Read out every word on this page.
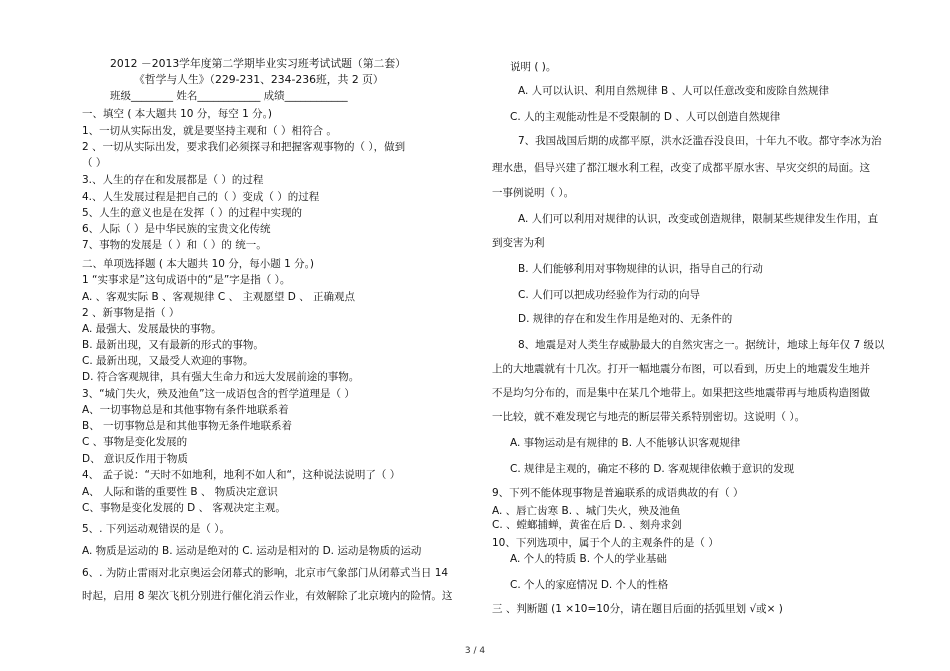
2012 －2013学年度第二学期毕业实习班考试试题（第二套）
《哲学与人生》（229-231、234-236班，共 2 页）
班级________ 姓名____________ 成绩____________
一、填空 ( 本大题共 10 分，每空 1 分。)
1、一切从实际出发，就是要坚持主观和（ ）相符合 。
2 、一切从实际出发，要求我们必须探寻和把握客观事物的（ ），做到
（ ）
3.、人生的存在和发展都是（ ）的过程
4.、人生发展过程是把自己的（ ）变成（ ）的过程
5、人生的意义也是在发挥（ ）的过程中实现的
6、人际（ ）是中华民族的宝贵文化传统
7、事物的发展是（ ）和（ ）的 统一。
二、单项选择题 ( 本大题共 10 分，每小题 1 分。)
1 “实事求是”这句成语中的“是”字是指（ ）。
A. 、客观实际 B 、客观规律 C 、 主观愿望 D 、 正确观点
2 、新事物是指（ ）
A. 最强大、发展最快的事物。
B. 最新出现，又有最新的形式的事物。
C. 最新出现，又最受人欢迎的事物。
D. 符合客观规律，具有强大生命力和远大发展前途的事物。
3、“城门失火，殃及池鱼”这一成语包含的哲学道理是（ ）
A、一切事物总是和其他事物有条件地联系着
B、 一切事物总是和其他事物无条件地联系着
C 、事物是变化发展的
D、 意识反作用于物质
4、 孟子说：“天时不如地利，地利不如人和“，这种说法说明了（ ）
A、 人际和谐的重要性 B 、 物质决定意识
C、事物是变化发展的 D 、 客观决定主观。
5、. 下列运动观错误的是（ ）。
A. 物质是运动的 B. 运动是绝对的 C. 运动是相对的 D. 运动是物质的运动
6、. 为防止雷雨对北京奥运会闭幕式的影响，北京市气象部门从闭幕式当日 14
时起，启用 8 架次飞机分别进行催化消云作业，有效解除了北京境内的险情。这
说明 ( )。
A. 人可以认识、利用自然规律 B 、人可以任意改变和废除自然规律
C. 人的主观能动性是不受限制的 D 、人可以创造自然规律
7、我国战国后期的成都平原，洪水泛滥吞没良田，十年九不收。都守李冰为治
理水患，倡导兴建了都江堰水利工程，改变了成都平原水害、旱灾交织的局面。这
一事例说明（ ）。
A. 人们可以利用对规律的认识，改变或创造规律，限制某些规律发生作用，直
到变害为利
B. 人们能够利用对事物规律的认识，指导自己的行动
C. 人们可以把成功经验作为行动的向导
D. 规律的存在和发生作用是绝对的、无条件的
8、地震是对人类生存威胁最大的自然灾害之一。据统计，地球上每年仅 7 级以
上的大地震就有十几次。打开一幅地震分布图，可以看到，历史上的地震发生地并
不是均匀分布的，而是集中在某几个地带上。如果把这些地震带再与地质构造图做
一比较，就不难发现它与地壳的断层带关系特别密切。这说明（ ）。
A. 事物运动是有规律的 B. 人不能够认识客观规律
C. 规律是主观的，确定不移的 D. 客观规律依赖于意识的发现
9、下列不能体现事物是普遍联系的成语典故的有（ ）
A. 、唇亡齿寒 B. 、城门失火，殃及池鱼
C. 、螳螂捕蝉，黄雀在后 D. 、刻舟求剑
10、下列选项中，属于个人的主观条件的是（ ）
A. 个人的特质 B. 个人的学业基础
C. 个人的家庭情况 D. 个人的性格
三 、判断题 (1 ×10=10分，请在题目后面的括弧里划 √或× )
3 / 4
